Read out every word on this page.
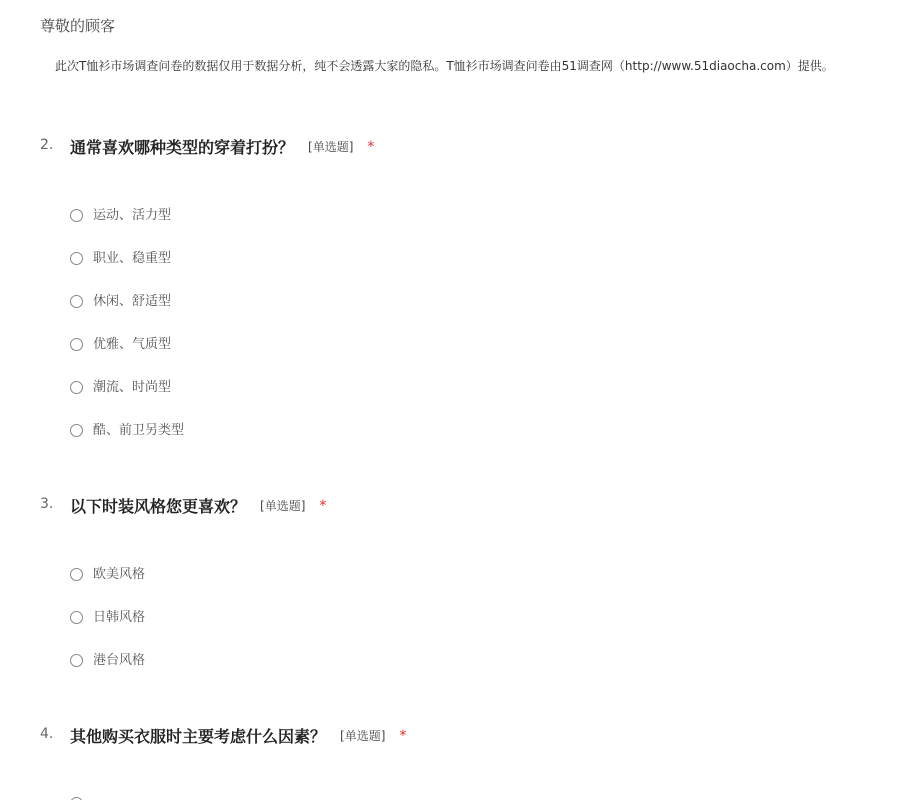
尊敬的顾客
此次T恤衫市场调查问卷的数据仅用于数据分析，纯不会透露大家的隐私。T恤衫市场调查问卷由51调查网（http://www.51diaocha.com）提供。
2. 通常喜欢哪种类型的穿着打扮？ [单选题] *
运动、活力型
职业、稳重型
休闲、舒适型
优雅、气质型
潮流、时尚型
酷、前卫另类型
3. 以下时装风格您更喜欢？ [单选题] *
欧美风格
日韩风格
港台风格
4. 其他购买衣服时主要考虑什么因素？ [单选题] *
